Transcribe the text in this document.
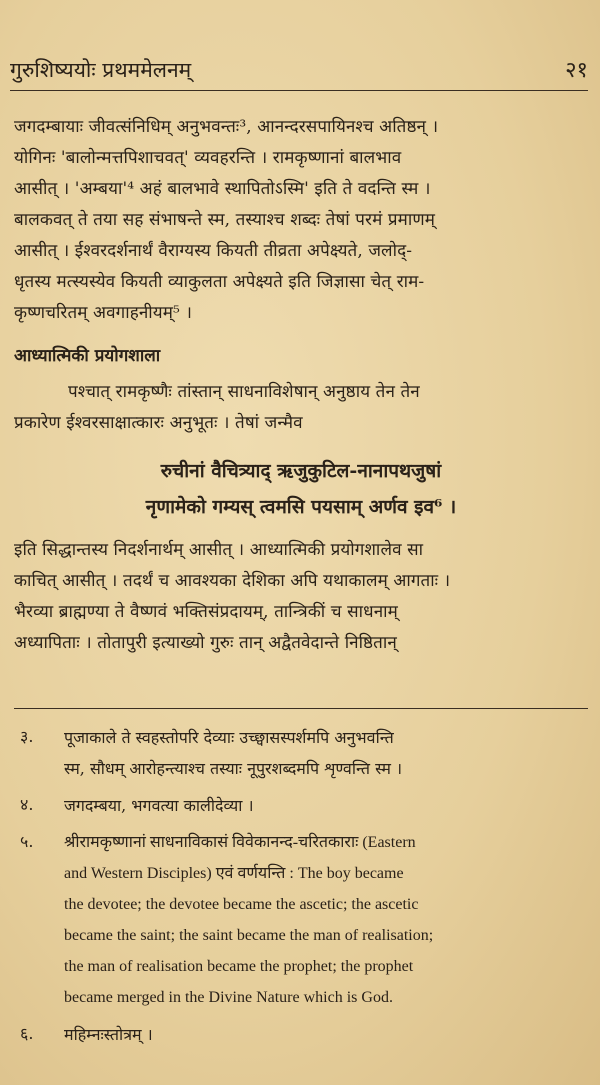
गुरुशिष्ययोः प्रथममेलनम्	२१

जगदम्बायाः जीवत्संनिधिम् अनुभवन्तः³, आनन्दरसपायिनश्च अतिष्ठन् ।
योगिनः 'बालोन्मत्तपिशाचवत्' व्यवहरन्ति । रामकृष्णानां बालभाव
आसीत् । 'अम्बया'⁴ अहं बालभावे स्थापितोऽस्मि' इति ते वदन्ति स्म ।
बालकवत् ते तया सह संभाषन्ते स्म, तस्याश्च शब्दः तेषां परमं प्रमाणम्
आसीत् । ईश्वरदर्शनार्थं वैराग्यस्य कियती तीव्रता अपेक्ष्यते, जलोद्-
धृतस्य मत्स्यस्येव कियती व्याकुलता अपेक्ष्यते इति जिज्ञासा चेत् राम-
कृष्णचरितम् अवगाहनीयम्⁵ ।

आध्यात्मिकी प्रयोगशाला

पश्चात् रामकृष्णैः तांस्तान् साधनाविशेषान् अनुष्ठाय तेन तेन
प्रकारेण ईश्वरसाक्षात्कारः अनुभूतः । तेषां जन्मैव

रुचीनां वैचित्र्याद् ऋजुकुटिल-नानापथजुषां
नृणामेको गम्यस् त्वमसि पयसाम् अर्णव इव⁶ ।

इति सिद्धान्तस्य निदर्शनार्थम् आसीत् । आध्यात्मिकी प्रयोगशालेव सा
काचित् आसीत् । तदर्थं च आवश्यका देशिका अपि यथाकालम् आगताः ।
भैरव्या ब्राह्मण्या ते वैष्णवं भक्तिसंप्रदायम्, तान्त्रिकीं च साधनाम्
अध्यापिताः । तोतापुरी इत्याख्यो गुरुः तान् अद्वैतवेदान्ते निष्ठितान्

३.	पूजाकाले ते स्वहस्तोपरि देव्याः उच्छ्वासस्पर्शमपि अनुभवन्ति
स्म, सौधम् आरोहन्त्याश्च तस्याः नूपुरशब्दमपि शृण्वन्ति स्म ।
४.	जगदम्बया, भगवत्या कालीदेव्या ।
५.	श्रीरामकृष्णानां साधनाविकासं विवेकानन्द-चरितकाराः (Eastern
and Western Disciples) एवं वर्णयन्ति : The boy became
the devotee; the devotee became the ascetic; the ascetic
became the saint; the saint became the man of realisation;
the man of realisation became the prophet; the prophet
became merged in the Divine Nature which is God.
६.	महिम्नःस्तोत्रम् ।
